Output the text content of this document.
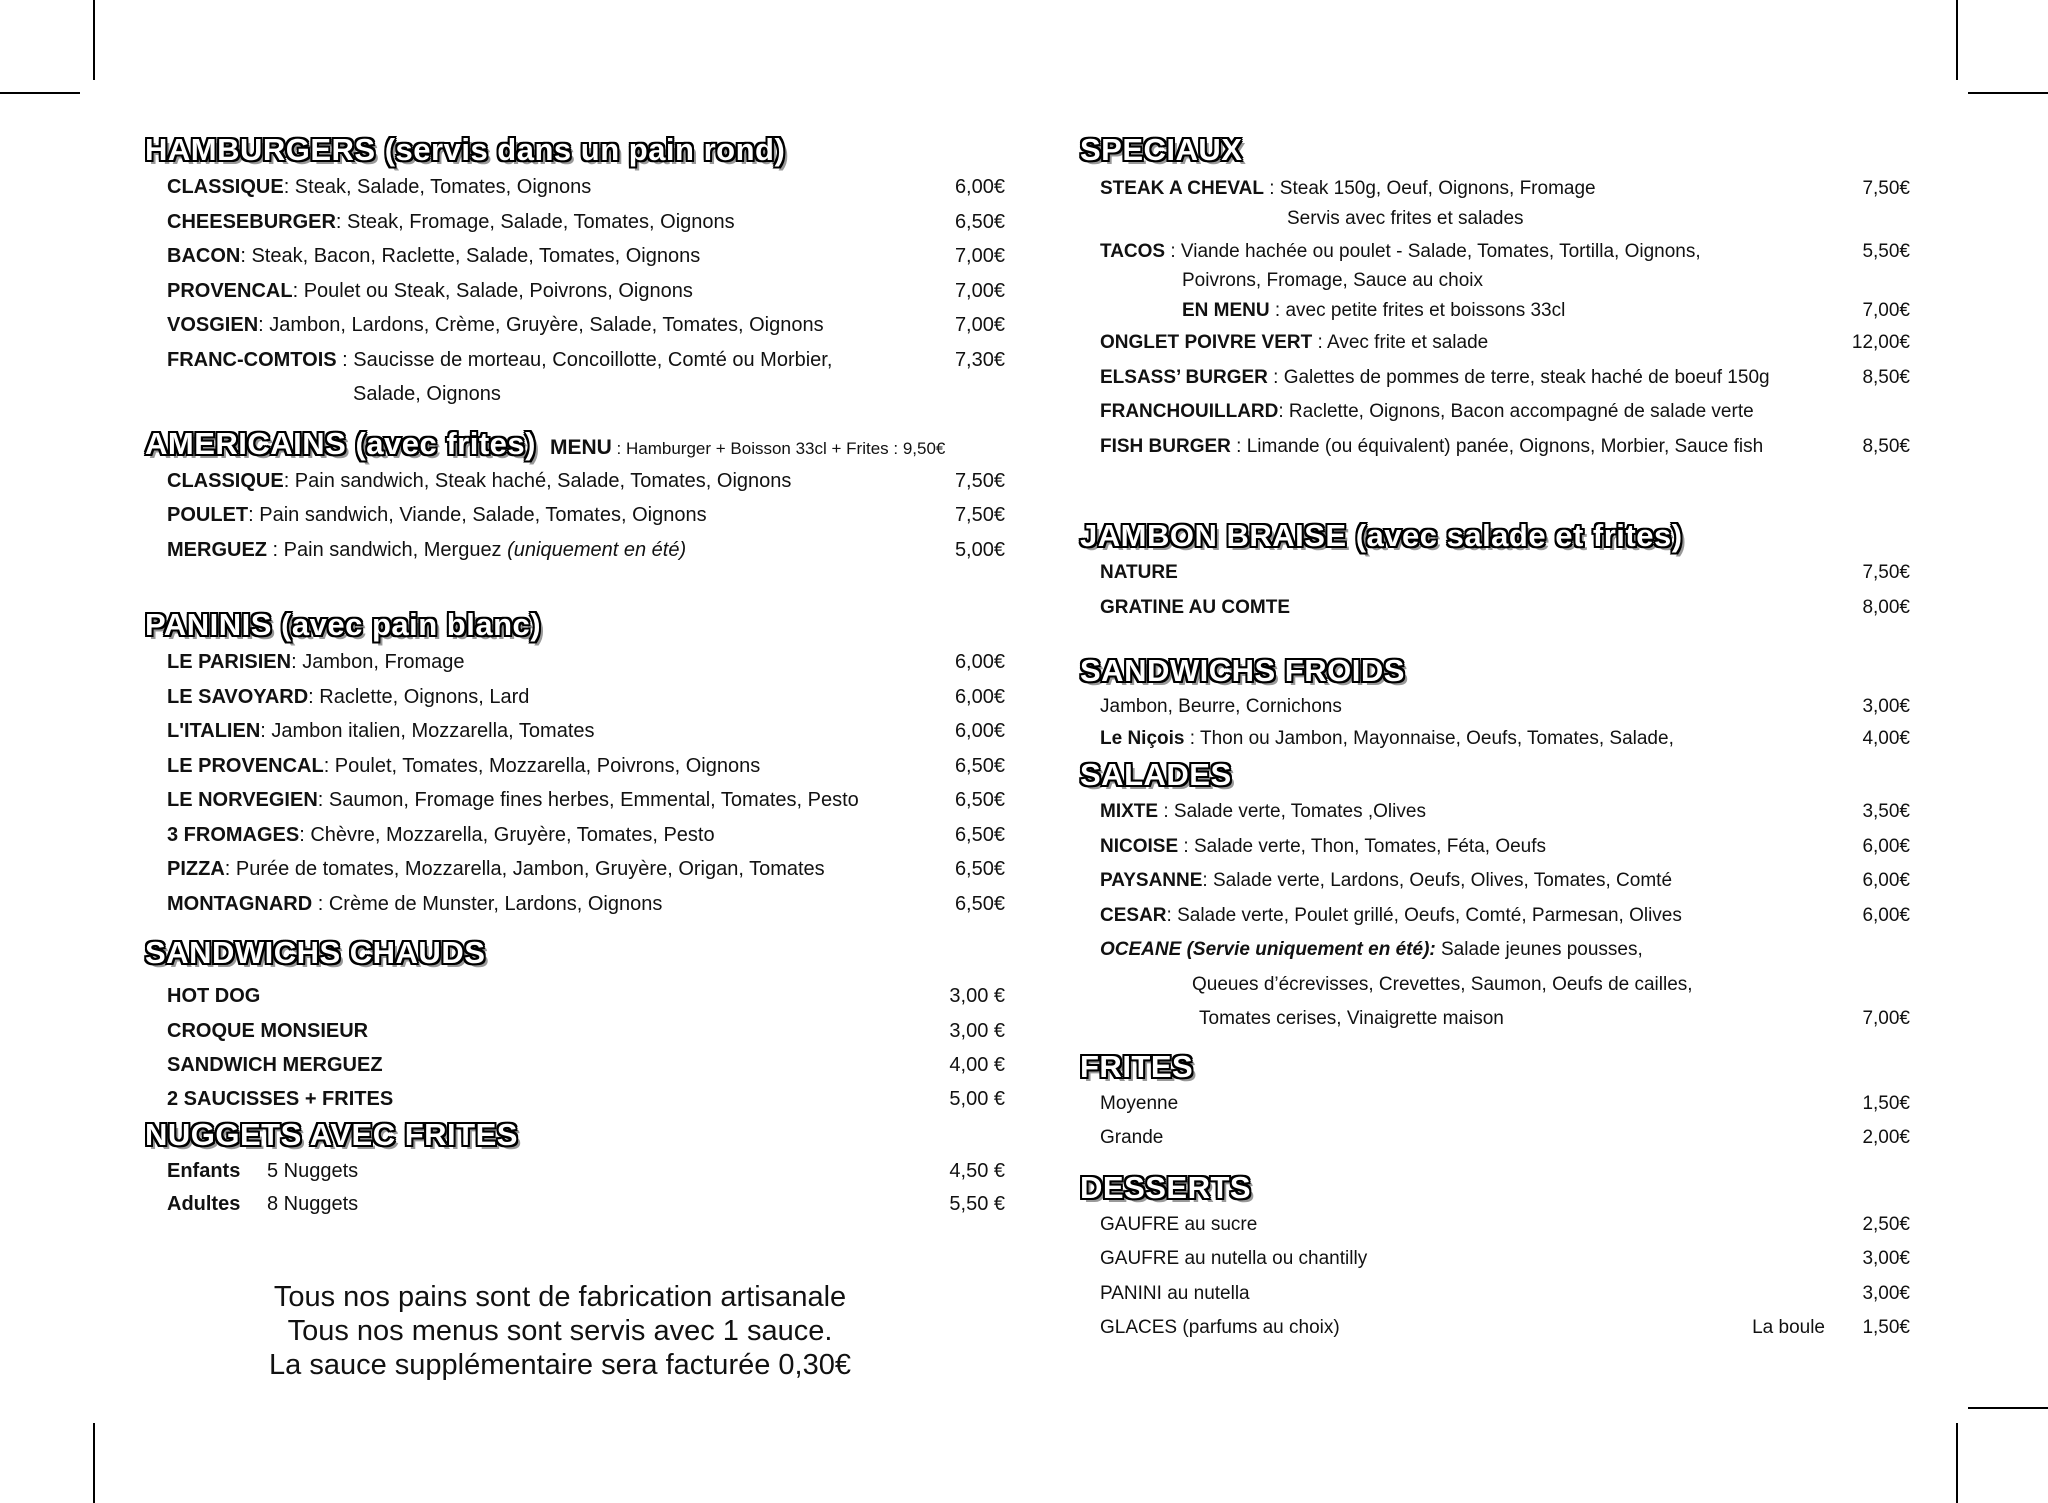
HAMBURGERS (servis dans un pain rond)
CLASSIQUE: Steak, Salade, Tomates, Oignons	6,00€
CHEESEBURGER: Steak, Fromage, Salade, Tomates, Oignons	6,50€
BACON: Steak, Bacon, Raclette, Salade, Tomates, Oignons	7,00€
PROVENCAL: Poulet ou Steak, Salade, Poivrons, Oignons	7,00€
VOSGIEN: Jambon, Lardons, Crème, Gruyère, Salade, Tomates, Oignons	7,00€
FRANC-COMTOIS : Saucisse de morteau, Concoillotte, Comté ou Morbier,	7,30€
Salade, Oignons
AMERICAINS (avec frites) MENU : Hamburger + Boisson 33cl + Frites : 9,50€
CLASSIQUE: Pain sandwich, Steak haché, Salade, Tomates, Oignons	7,50€
POULET: Pain sandwich, Viande, Salade, Tomates, Oignons	7,50€
MERGUEZ : Pain sandwich, Merguez (uniquement en été)	5,00€
PANINIS (avec pain blanc)
LE PARISIEN: Jambon, Fromage	6,00€
LE SAVOYARD: Raclette, Oignons, Lard	6,00€
L'ITALIEN: Jambon italien, Mozzarella, Tomates	6,00€
LE PROVENCAL: Poulet, Tomates, Mozzarella, Poivrons, Oignons	6,50€
LE NORVEGIEN: Saumon, Fromage fines herbes, Emmental, Tomates, Pesto	6,50€
3 FROMAGES: Chèvre, Mozzarella, Gruyère, Tomates, Pesto	6,50€
PIZZA: Purée de tomates, Mozzarella, Jambon, Gruyère, Origan, Tomates	6,50€
MONTAGNARD : Crème de Munster, Lardons, Oignons	6,50€
SANDWICHS CHAUDS
HOT DOG	3,00 €
CROQUE MONSIEUR	3,00 €
SANDWICH MERGUEZ	4,00 €
2 SAUCISSES + FRITES	5,00 €
NUGGETS AVEC FRITES
Enfants 5 Nuggets	4,50 €
Adultes 8 Nuggets	5,50 €
Tous nos pains sont de fabrication artisanale
Tous nos menus sont servis avec 1 sauce.
La sauce supplémentaire sera facturée 0,30€
SPECIAUX
STEAK A CHEVAL : Steak 150g, Oeuf, Oignons, Fromage	7,50€
Servis avec frites et salades
TACOS : Viande hachée ou poulet - Salade, Tomates, Tortilla, Oignons,	5,50€
Poivrons, Fromage, Sauce au choix
EN MENU : avec petite frites et boissons 33cl	7,00€
ONGLET POIVRE VERT : Avec frite et salade	12,00€
ELSASS’ BURGER : Galettes de pommes de terre, steak haché de boeuf 150g	8,50€
FRANCHOUILLARD: Raclette, Oignons, Bacon accompagné de salade verte
FISH BURGER : Limande (ou équivalent) panée, Oignons, Morbier, Sauce fish	8,50€
JAMBON BRAISE (avec salade et frites)
NATURE	7,50€
GRATINE AU COMTE	8,00€
SANDWICHS FROIDS
Jambon, Beurre, Cornichons	3,00€
Le Niçois : Thon ou Jambon, Mayonnaise, Oeufs, Tomates, Salade,	4,00€
SALADES
MIXTE : Salade verte, Tomates ,Olives	3,50€
NICOISE : Salade verte, Thon, Tomates, Féta, Oeufs	6,00€
PAYSANNE: Salade verte, Lardons, Oeufs, Olives, Tomates, Comté	6,00€
CESAR: Salade verte, Poulet grillé, Oeufs, Comté, Parmesan, Olives	6,00€
OCEANE (Servie uniquement en été): Salade jeunes pousses,
Queues d’écrevisses, Crevettes, Saumon, Oeufs de cailles,
Tomates cerises, Vinaigrette maison	7,00€
FRITES
Moyenne	1,50€
Grande	2,00€
DESSERTS
GAUFRE au sucre	2,50€
GAUFRE au nutella ou chantilly	3,00€
PANINI au nutella	3,00€
GLACES (parfums au choix)	La boule 1,50€
